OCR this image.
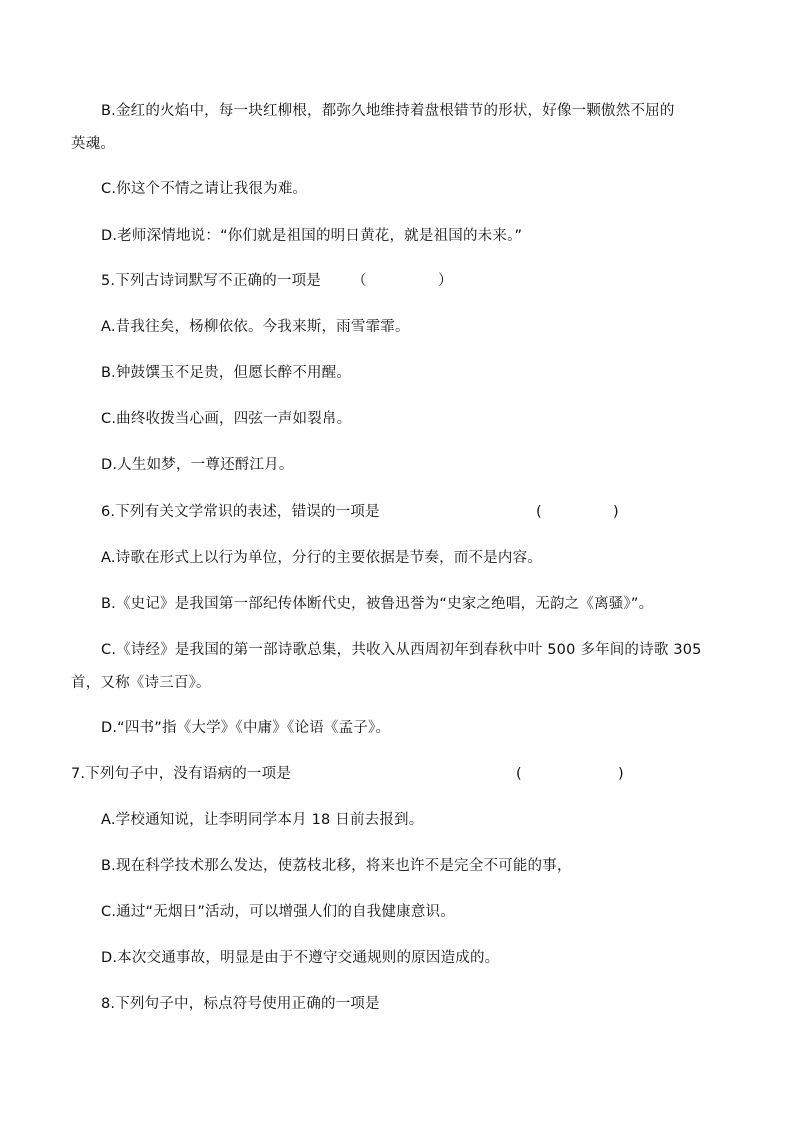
B.金红的火焰中，每一块红柳根，都弥久地维持着盘根错节的形状，好像一颗傲然不屈的
英魂。
C.你这个不情之请让我很为难。
D.老师深情地说：“你们就是祖国的明日黄花，就是祖国的未来。”
5.下列古诗词默写不正确的一项是 （	）
A.昔我往矣，杨柳依依。今我来斯，雨雪霏霏。
B.钟鼓馔玉不足贵，但愿长醉不用醒。
C.曲终收拨当心画，四弦一声如裂帛。
D.人生如梦，一尊还酹江月。
6.下列有关文学常识的表述，错误的一项是	(	)
A.诗歌在形式上以行为单位，分行的主要依据是节奏，而不是内容。
B.《史记》是我国第一部纪传体断代史，被鲁迅誉为“史家之绝唱，无韵之《离骚》”。
C.《诗经》是我国的第一部诗歌总集，共收入从西周初年到春秋中叶 500 多年间的诗歌 305
首，又称《诗三百》。
D.“四书”指《大学》《中庸》《论语《孟子》。
7.下列句子中，没有语病的一项是	(	)
A.学校通知说，让李明同学本月 18 日前去报到。
B.现在科学技术那么发达，使荔枝北移，将来也许不是完全不可能的事，
C.通过“无烟日”活动，可以增强人们的自我健康意识。
D.本次交通事故，明显是由于不遵守交通规则的原因造成的。
8.下列句子中，标点符号使用正确的一项是
